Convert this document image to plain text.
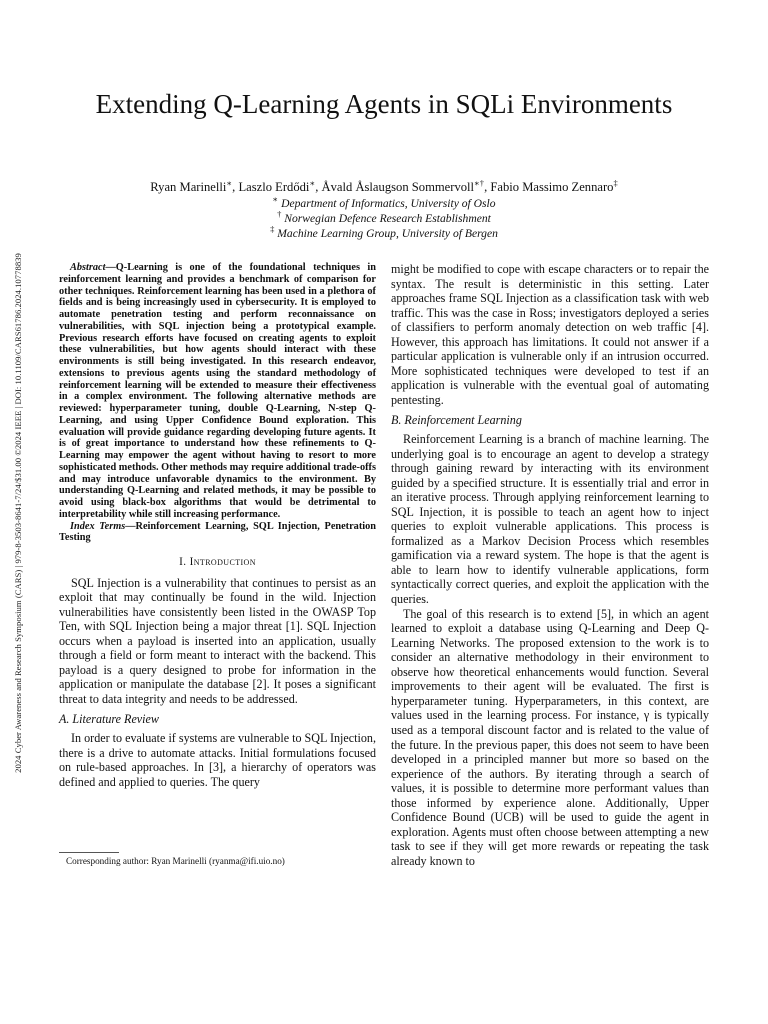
2024 Cyber Awareness and Research Symposium (CARS) | 979-8-3503-8641-7/24/$31.00 ©2024 IEEE | DOI: 10.1109/CARS61786.2024.10778839
Extending Q-Learning Agents in SQLi Environments
Ryan Marinelli∗, Laszlo Erdődi∗, Åvald Åslaugson Sommervoll∗†, Fabio Massimo Zennaro‡
∗ Department of Informatics, University of Oslo
† Norwegian Defence Research Establishment
‡ Machine Learning Group, University of Bergen

Abstract—Q-Learning is one of the foundational techniques in reinforcement learning and provides a benchmark of comparison for other techniques. Reinforcement learning has been used in a plethora of fields and is being increasingly used in cybersecurity. It is employed to automate penetration testing and perform reconnaissance on vulnerabilities, with SQL injection being a prototypical example. Previous research efforts have focused on creating agents to exploit these vulnerabilities, but how agents should interact with these environments is still being investigated. In this research endeavor, extensions to previous agents using the standard methodology of reinforcement learning will be extended to measure their effectiveness in a complex environment. The following alternative methods are reviewed: hyperparameter tuning, double Q-Learning, N-step Q-Learning, and using Upper Confidence Bound exploration. This evaluation will provide guidance regarding developing future agents. It is of great importance to understand how these refinements to Q-Learning may empower the agent without having to resort to more sophisticated methods. Other methods may require additional trade-offs and may introduce unfavorable dynamics to the environment. By understanding Q-Learning and related methods, it may be possible to avoid using black-box algorithms that would be detrimental to interpretability while still increasing performance.

Index Terms—Reinforcement Learning, SQL Injection, Penetration Testing

I. Introduction

SQL Injection is a vulnerability that continues to persist as an exploit that may continually be found in the wild. Injection vulnerabilities have consistently been listed in the OWASP Top Ten, with SQL Injection being a major threat [1]. SQL Injection occurs when a payload is inserted into an application, usually through a field or form meant to interact with the backend. This payload is a query designed to probe for information in the application or manipulate the database [2]. It poses a significant threat to data integrity and needs to be addressed.

A. Literature Review

In order to evaluate if systems are vulnerable to SQL Injection, there is a drive to automate attacks. Initial formulations focused on rule-based approaches. In [3], a hierarchy of operators was defined and applied to queries. The query

might be modified to cope with escape characters or to repair the syntax. The result is deterministic in this setting. Later approaches frame SQL Injection as a classification task with web traffic. This was the case in Ross; investigators deployed a series of classifiers to perform anomaly detection on web traffic [4]. However, this approach has limitations. It could not answer if a particular application is vulnerable only if an intrusion occurred. More sophisticated techniques were developed to test if an application is vulnerable with the eventual goal of automating pentesting.

B. Reinforcement Learning

Reinforcement Learning is a branch of machine learning. The underlying goal is to encourage an agent to develop a strategy through gaining reward by interacting with its environment guided by a specified structure. It is essentially trial and error in an iterative process. Through applying reinforcement learning to SQL Injection, it is possible to teach an agent how to inject queries to exploit vulnerable applications. This process is formalized as a Markov Decision Process which resembles gamification via a reward system. The hope is that the agent is able to learn how to identify vulnerable applications, form syntactically correct queries, and exploit the application with the queries.

The goal of this research is to extend [5], in which an agent learned to exploit a database using Q-Learning and Deep Q-Learning Networks. The proposed extension to the work is to consider an alternative methodology in their environment to observe how theoretical enhancements would function. Several improvements to their agent will be evaluated. The first is hyperparameter tuning. Hyperparameters, in this context, are values used in the learning process. For instance, γ is typically used as a temporal discount factor and is related to the value of the future. In the previous paper, this does not seem to have been developed in a principled manner but more so based on the experience of the authors. By iterating through a search of values, it is possible to determine more performant values than those informed by experience alone. Additionally, Upper Confidence Bound (UCB) will be used to guide the agent in exploration. Agents must often choose between attempting a new task to see if they will get more rewards or repeating the task already known to

Corresponding author: Ryan Marinelli (ryanma@ifi.uio.no)
